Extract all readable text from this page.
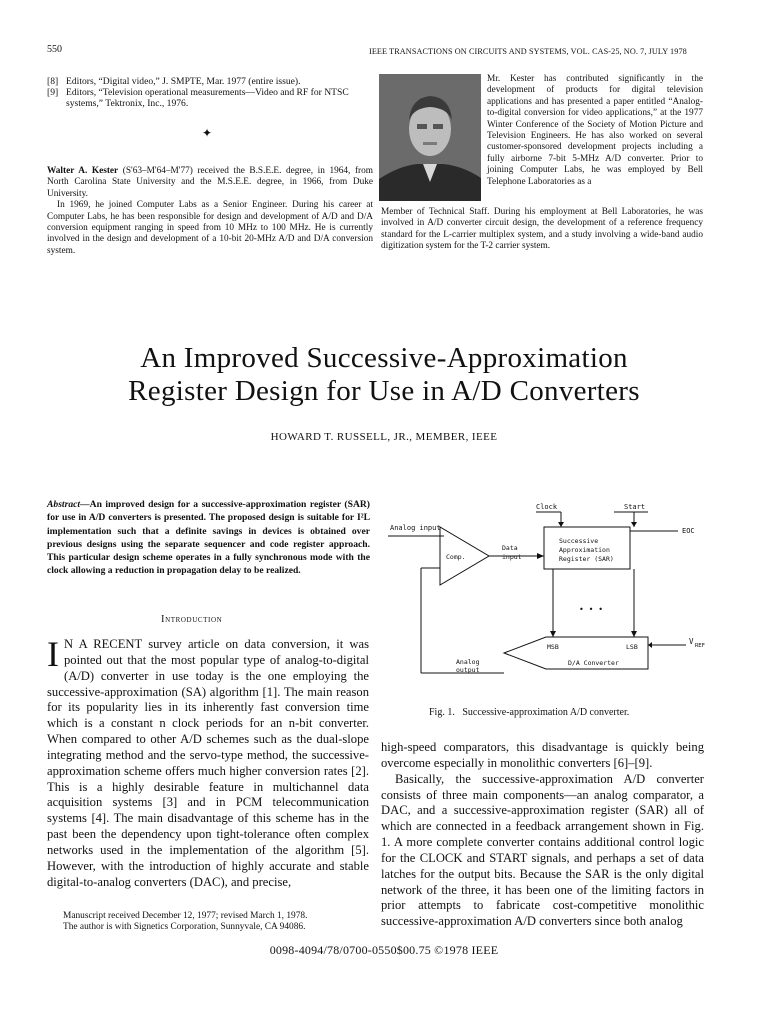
550	IEEE TRANSACTIONS ON CIRCUITS AND SYSTEMS, VOL. CAS-25, NO. 7, JULY 1978
[8] Editors, “Digital video,” J. SMPTE, Mar. 1977 (entire issue).
[9] Editors, “Television operational measurements—Video and RF for NTSC systems,” Tektronix, Inc., 1976.
✦

Walter A. Kester (S'63–M'64–M'77) received the B.S.E.E. degree, in 1964, from North Carolina State University and the M.S.E.E. degree, in 1966, from Duke University.

In 1969, he joined Computer Labs as a Senior Engineer. During his career at Computer Labs, he has been responsible for design and development of A/D and D/A conversion equipment ranging in speed from 10 MHz to 100 MHz. He is currently involved in the design and development of a 10-bit 20-MHz A/D and D/A conversion system.

Mr. Kester has contributed significantly in the development of products for digital television applications and has presented a paper entitled “Analog-to-digital conversion for video applications,” at the 1977 Winter Conference of the Society of Motion Picture and Television Engineers. He has also worked on several customer-sponsored development projects including a fully airborne 7-bit 5-MHz A/D converter. Prior to joining Computer Labs, he was employed by Bell Telephone Laboratories as a
Member of Technical Staff. During his employment at Bell Laboratories, he was involved in A/D converter circuit design, the development of a reference frequency standard for the L-carrier multiplex system, and a study involving a wide-band audio digitization system for the T-2 carrier system.
An Improved Successive-Approximation
Register Design for Use in A/D Converters
HOWARD T. RUSSELL, JR., MEMBER, IEEE
Abstract—An improved design for a successive-approximation register (SAR) for use in A/D converters is presented. The proposed design is suitable for I²L implementation such that a definite savings in devices is obtained over previous designs using the separate sequencer and code register approach. This particular design scheme operates in a fully synchronous mode with the clock allowing a reduction in propagation delay to be realized.
Introduction

I N A RECENT survey article on data conversion, it was pointed out that the most popular type of analog-to-digital (A/D) converter in use today is the one employing the successive-approximation (SA) algorithm [1]. The main reason for its popularity lies in its inherently fast conversion time which is a constant n clock periods for an n-bit converter. When compared to other A/D schemes such as the dual-slope integrating method and the servo-type method, the successive-approximation scheme offers much higher conversion rates [2]. This is a highly desirable feature in multichannel data acquisition systems [3] and in PCM telecommunication systems [4]. The main disadvantage of this scheme has in the past been the dependency upon tight-tolerance often complex networks used in the implementation of the algorithm [5]. However, with the introduction of highly accurate and stable digital-to-analog converters (DAC), and precise,

Manuscript received December 12, 1977; revised March 1, 1978.
The author is with Signetics Corporation, Sunnyvale, CA 94086.
Clock	Start
Analog input	EOC
Comp.
Data
input
Successive
Approximation
Register (SAR)
• • •
MSB	LSB
V REF
D/A Converter
Analog
output
Fig. 1.   Successive-approximation A/D converter.

high-speed comparators, this disadvantage is quickly being overcome especially in monolithic converters [6]–[9].

Basically, the successive-approximation A/D converter consists of three main components—an analog comparator, a DAC, and a successive-approximation register (SAR) all of which are connected in a feedback arrangement shown in Fig. 1. A more complete converter contains additional control logic for the CLOCK and START signals, and perhaps a set of data latches for the output bits. Because the SAR is the only digital network of the three, it has been one of the limiting factors in prior attempts to fabricate cost-competitive monolithic successive-approximation A/D converters since both analog

0098-4094/78/0700-0550$00.75 ©1978 IEEE
